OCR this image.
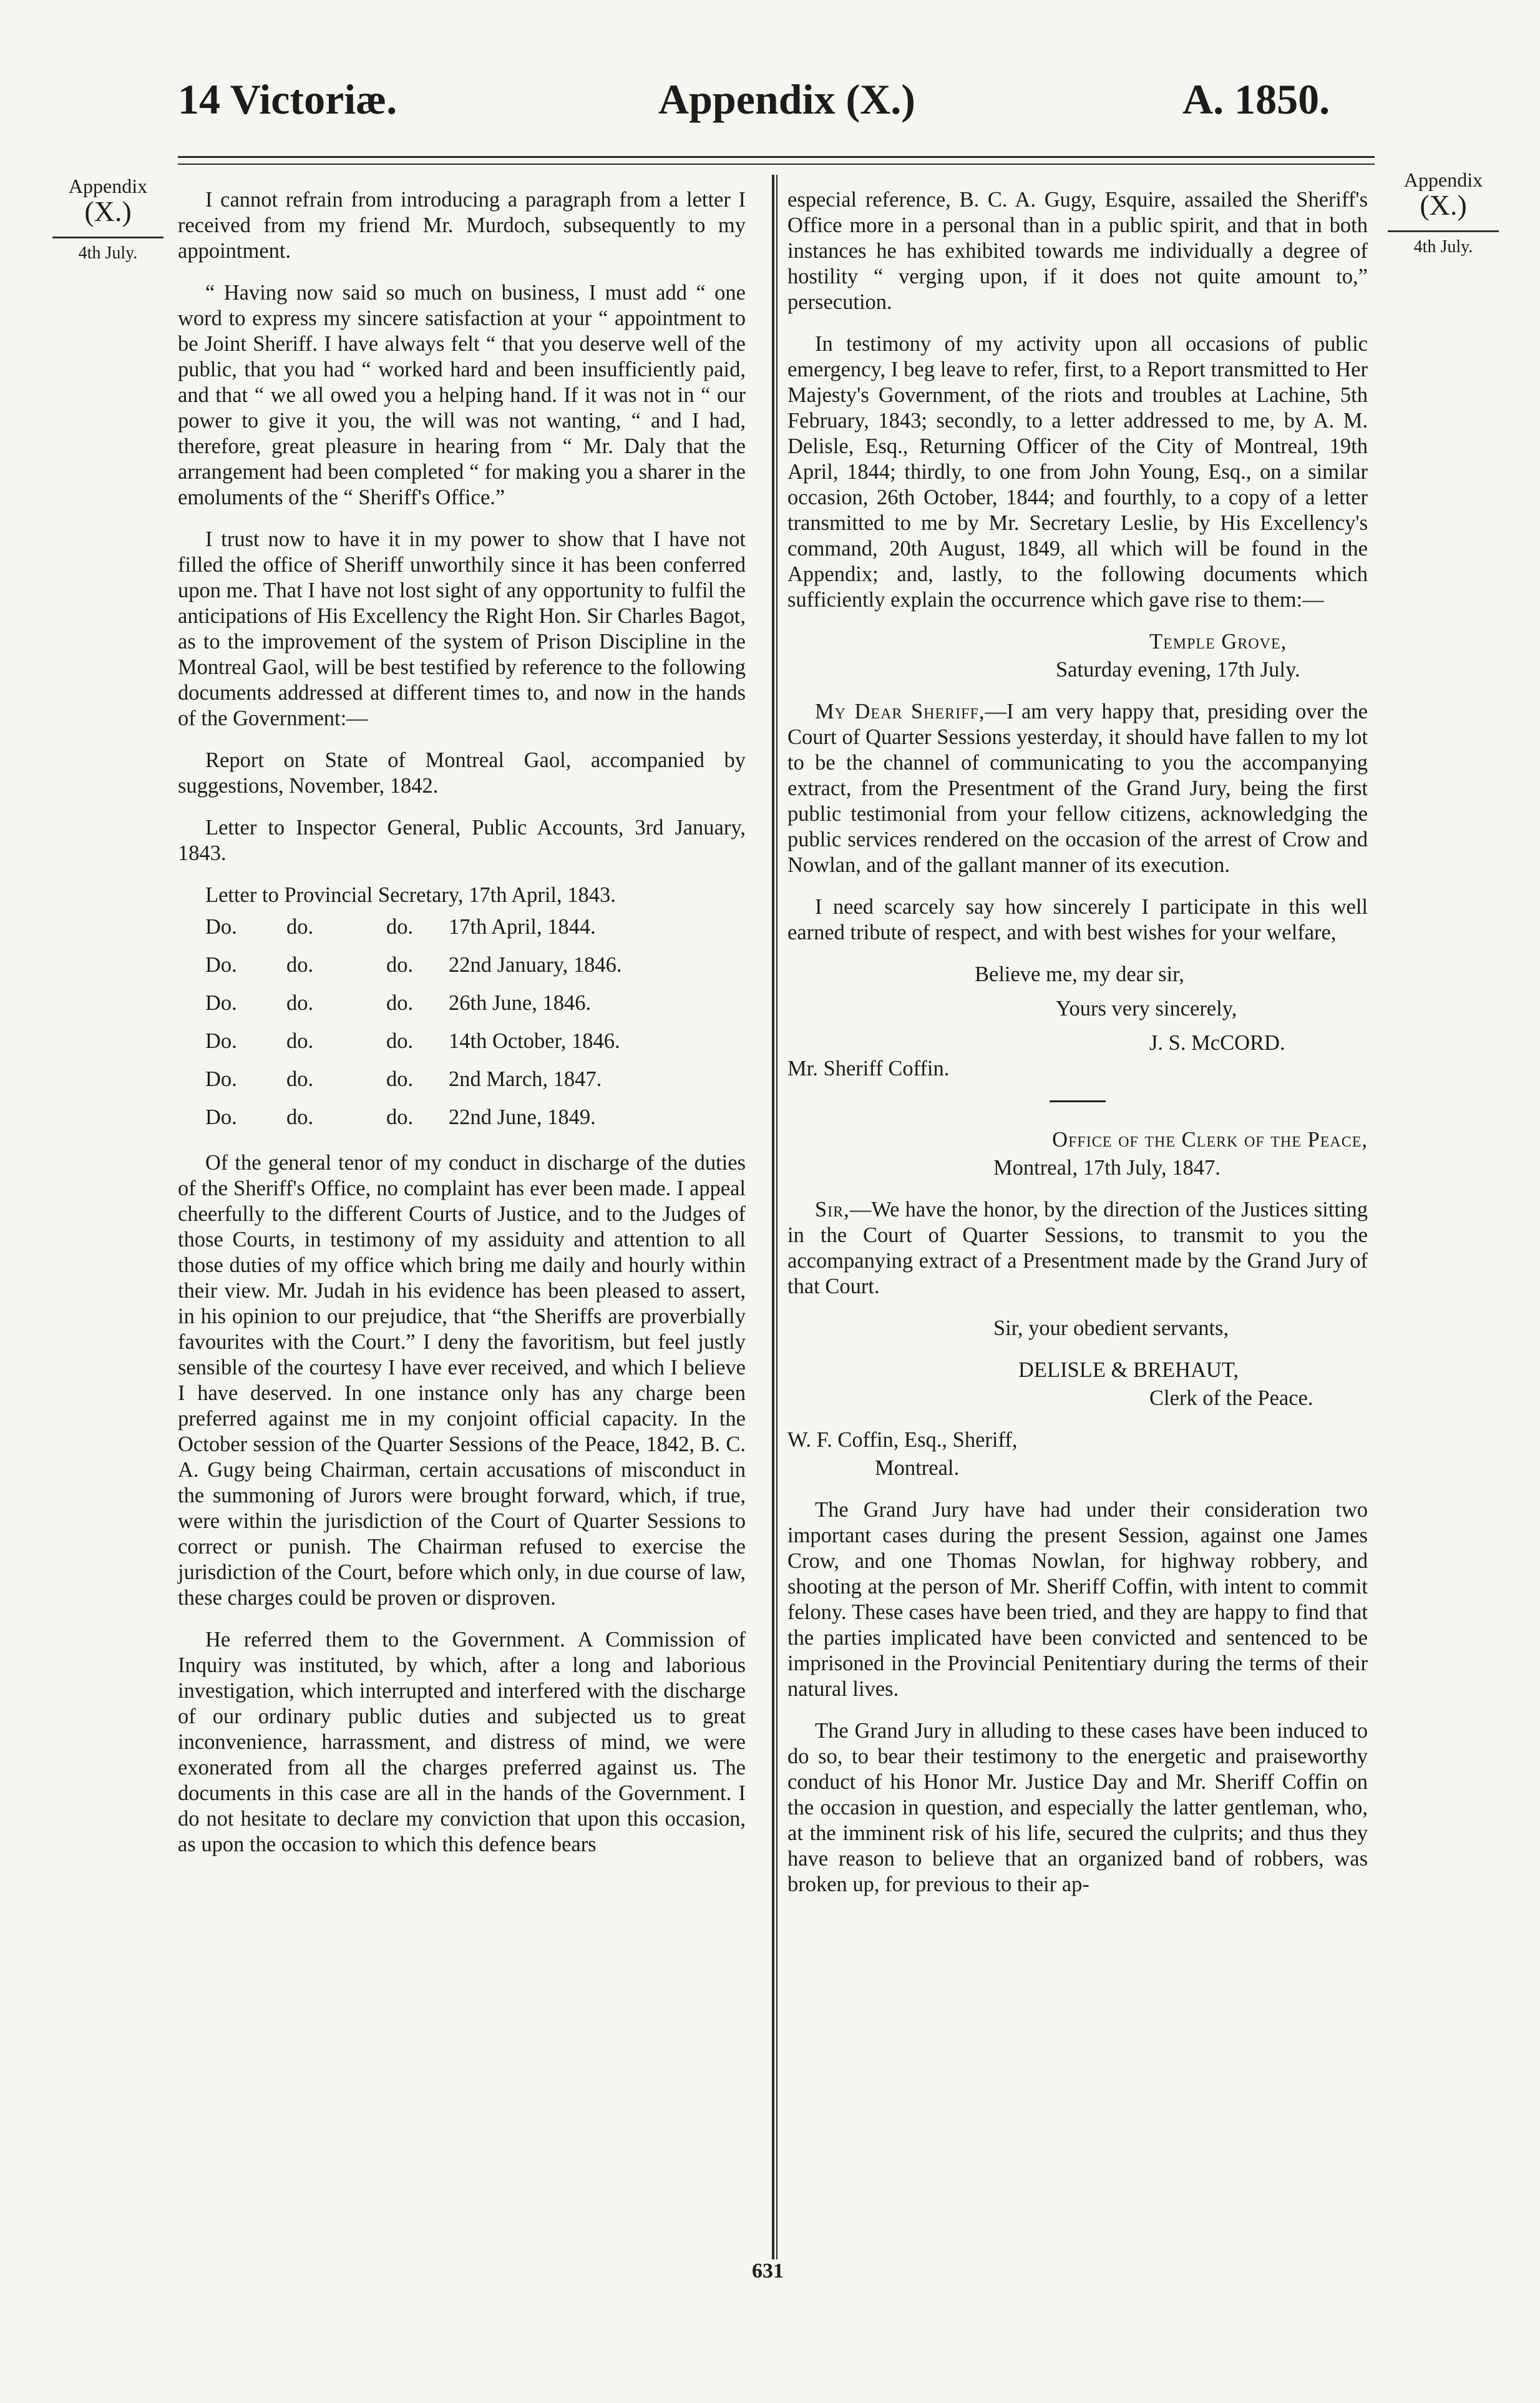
14 Victoriæ.	Appendix (X.)	A. 1850.
Appendix
(X.)
4th July.
Appendix
(X.)
4th July.

I cannot refrain from introducing a paragraph from a letter I received from my friend Mr. Murdoch, subsequently to my appointment.

“ Having now said so much on business, I must add “ one word to express my sincere satisfaction at your “ appointment to be Joint Sheriff. I have always felt “ that you deserve well of the public, that you had “ worked hard and been insufficiently paid, and that “ we all owed you a helping hand. If it was not in “ our power to give it you, the will was not wanting, “ and I had, therefore, great pleasure in hearing from “ Mr. Daly that the arrangement had been completed “ for making you a sharer in the emoluments of the “ Sheriff's Office.”

I trust now to have it in my power to show that I have not filled the office of Sheriff unworthily since it has been conferred upon me. That I have not lost sight of any opportunity to fulfil the anticipations of His Excellency the Right Hon. Sir Charles Bagot, as to the improvement of the system of Prison Discipline in the Montreal Gaol, will be best testified by reference to the following documents addressed at different times to, and now in the hands of the Government:—

Report on State of Montreal Gaol, accompanied by suggestions, November, 1842.

Letter to Inspector General, Public Accounts, 3rd January, 1843.

Letter to Provincial Secretary, 17th April, 1843.

Do.	do.	do.	17th April, 1844.
Do.	do.	do.	22nd January, 1846.
Do.	do.	do.	26th June, 1846.
Do.	do.	do.	14th October, 1846.
Do.	do.	do.	2nd March, 1847.
Do.	do.	do.	22nd June, 1849.

Of the general tenor of my conduct in discharge of the duties of the Sheriff's Office, no complaint has ever been made. I appeal cheerfully to the different Courts of Justice, and to the Judges of those Courts, in testimony of my assiduity and attention to all those duties of my office which bring me daily and hourly within their view. Mr. Judah in his evidence has been pleased to assert, in his opinion to our prejudice, that “the Sheriffs are proverbially favourites with the Court.” I deny the favoritism, but feel justly sensible of the courtesy I have ever received, and which I believe I have deserved. In one instance only has any charge been preferred against me in my conjoint official capacity. In the October session of the Quarter Sessions of the Peace, 1842, B. C. A. Gugy being Chairman, certain accusations of misconduct in the summoning of Jurors were brought forward, which, if true, were within the jurisdiction of the Court of Quarter Sessions to correct or punish. The Chairman refused to exercise the jurisdiction of the Court, before which only, in due course of law, these charges could be proven or disproven.

He referred them to the Government. A Commission of Inquiry was instituted, by which, after a long and laborious investigation, which interrupted and interfered with the discharge of our ordinary public duties and subjected us to great inconvenience, harrassment, and distress of mind, we were exonerated from all the charges preferred against us. The documents in this case are all in the hands of the Government. I do not hesitate to declare my conviction that upon this occasion, as upon the occasion to which this defence bears

especial reference, B. C. A. Gugy, Esquire, assailed the Sheriff's Office more in a personal than in a public spirit, and that in both instances he has exhibited towards me individually a degree of hostility “ verging upon, if it does not quite amount to,” persecution.

In testimony of my activity upon all occasions of public emergency, I beg leave to refer, first, to a Report transmitted to Her Majesty's Government, of the riots and troubles at Lachine, 5th February, 1843; secondly, to a letter addressed to me, by A. M. Delisle, Esq., Returning Officer of the City of Montreal, 19th April, 1844; thirdly, to one from John Young, Esq., on a similar occasion, 26th October, 1844; and fourthly, to a copy of a letter transmitted to me by Mr. Secretary Leslie, by His Excellency's command, 20th August, 1849, all which will be found in the Appendix; and, lastly, to the following documents which sufficiently explain the occurrence which gave rise to them:—

Temple Grove,

Saturday evening, 17th July.

My Dear Sheriff,—I am very happy that, presiding over the Court of Quarter Sessions yesterday, it should have fallen to my lot to be the channel of communicating to you the accompanying extract, from the Presentment of the Grand Jury, being the first public testimonial from your fellow citizens, acknowledging the public services rendered on the occasion of the arrest of Crow and Nowlan, and of the gallant manner of its execution.

I need scarcely say how sincerely I participate in this well earned tribute of respect, and with best wishes for your welfare,

Believe me, my dear sir,

Yours very sincerely,

J. S. McCORD.

Mr. Sheriff Coffin.

Office of the Clerk of the Peace,

Montreal, 17th July, 1847.

Sir,—We have the honor, by the direction of the Justices sitting in the Court of Quarter Sessions, to transmit to you the accompanying extract of a Presentment made by the Grand Jury of that Court.

Sir, your obedient servants,

DELISLE & BREHAUT,

Clerk of the Peace.

W. F. Coffin, Esq., Sheriff,

Montreal.

The Grand Jury have had under their consideration two important cases during the present Session, against one James Crow, and one Thomas Nowlan, for highway robbery, and shooting at the person of Mr. Sheriff Coffin, with intent to commit felony. These cases have been tried, and they are happy to find that the parties implicated have been convicted and sentenced to be imprisoned in the Provincial Penitentiary during the terms of their natural lives.

The Grand Jury in alluding to these cases have been induced to do so, to bear their testimony to the energetic and praiseworthy conduct of his Honor Mr. Justice Day and Mr. Sheriff Coffin on the occasion in question, and especially the latter gentleman, who, at the imminent risk of his life, secured the culprits; and thus they have reason to believe that an organized band of robbers, was broken up, for previous to their ap-

631
